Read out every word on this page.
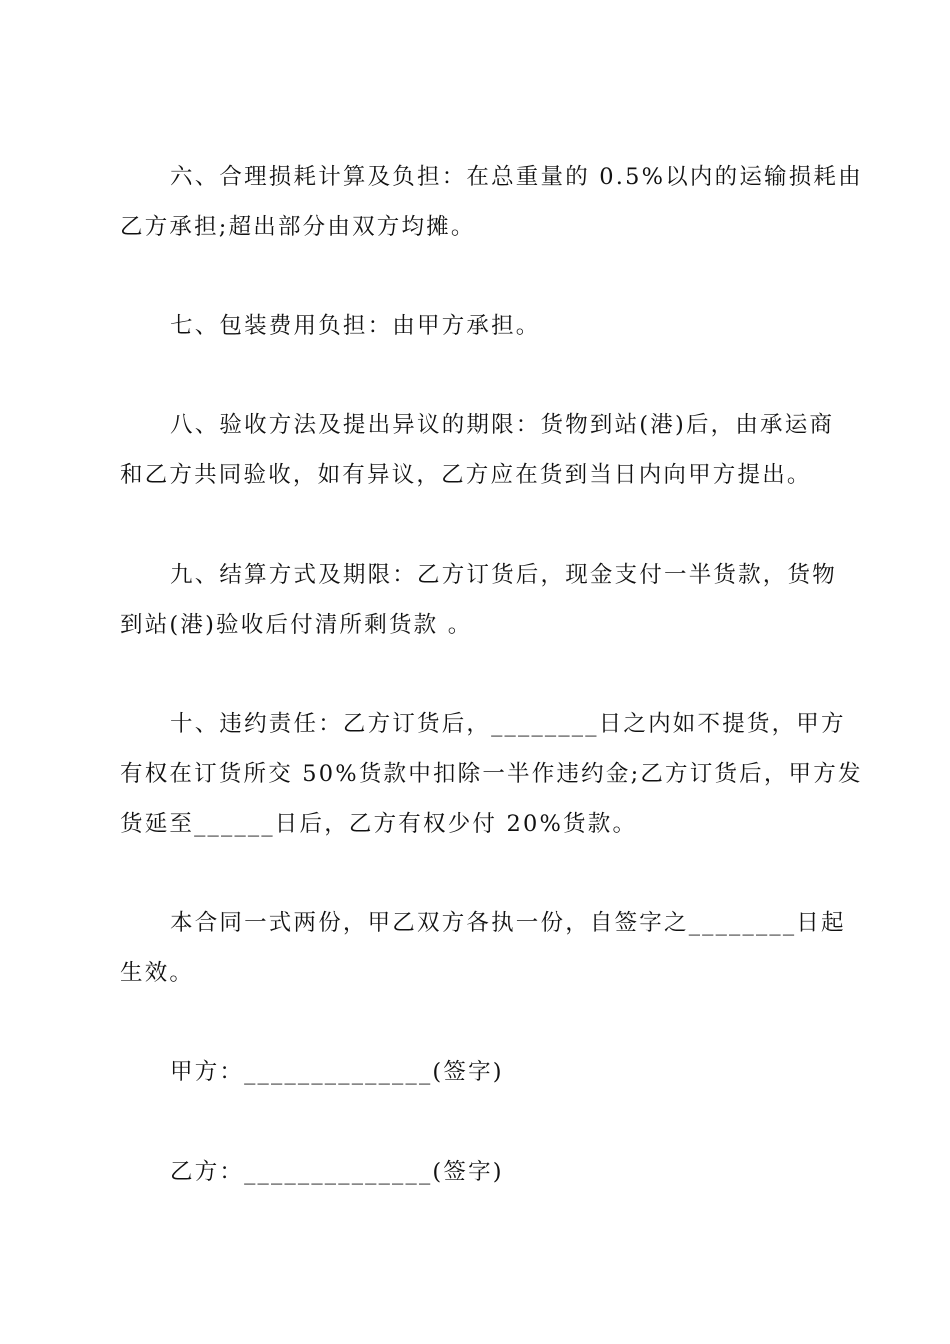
六、合理损耗计算及负担：在总重量的 0.5%以内的运输损耗由
乙方承担;超出部分由双方均摊。
七、包装费用负担：由甲方承担。
八、验收方法及提出异议的期限：货物到站(港)后，由承运商
和乙方共同验收，如有异议，乙方应在货到当日内向甲方提出。
九、结算方式及期限：乙方订货后，现金支付一半货款，货物
到站(港)验收后付清所剩货款 。
十、违约责任：乙方订货后，________日之内如不提货，甲方
有权在订货所交 50%货款中扣除一半作违约金;乙方订货后，甲方发
货延至______日后，乙方有权少付 20%货款。
本合同一式两份，甲乙双方各执一份，自签字之________日起
生效。
甲方：______________(签字)
乙方：______________(签字)
